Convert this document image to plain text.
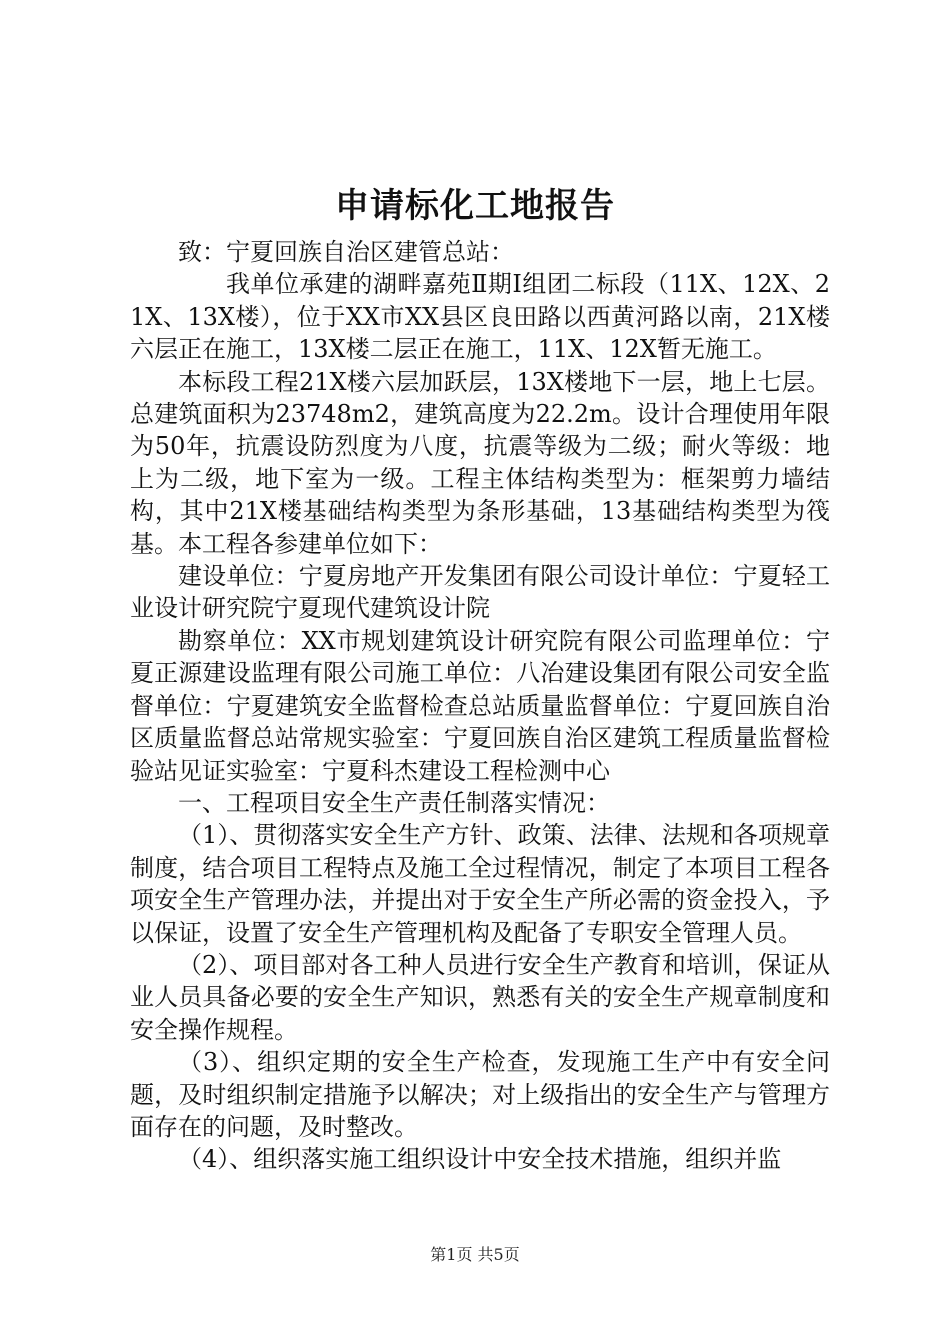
申请标化工地报告

致：宁夏回族自治区建管总站：

我单位承建的湖畔嘉苑Ⅱ期Ⅰ组团二标段（11X、12X、21X、13X楼），位于XX市XX县区良田路以西黄河路以南，21X楼六层正在施工，13X楼二层正在施工，11X、12X暂无施工。

本标段工程21X楼六层加跃层，13X楼地下一层，地上七层。总建筑面积为23748m2，建筑高度为22.2m。设计合理使用年限为50年，抗震设防烈度为八度，抗震等级为二级；耐火等级：地上为二级，地下室为一级。工程主体结构类型为：框架剪力墙结构，其中21X楼基础结构类型为条形基础，13基础结构类型为筏基。本工程各参建单位如下：

建设单位：宁夏房地产开发集团有限公司设计单位：宁夏轻工业设计研究院宁夏现代建筑设计院

勘察单位：XX市规划建筑设计研究院有限公司监理单位：宁夏正源建设监理有限公司施工单位：八冶建设集团有限公司安全监督单位：宁夏建筑安全监督检查总站质量监督单位：宁夏回族自治区质量监督总站常规实验室：宁夏回族自治区建筑工程质量监督检验站见证实验室：宁夏科杰建设工程检测中心

一、工程项目安全生产责任制落实情况：

（1）、贯彻落实安全生产方针、政策、法律、法规和各项规章制度，结合项目工程特点及施工全过程情况，制定了本项目工程各项安全生产管理办法，并提出对于安全生产所必需的资金投入，予以保证，设置了安全生产管理机构及配备了专职安全管理人员。

（2）、项目部对各工种人员进行安全生产教育和培训，保证从业人员具备必要的安全生产知识，熟悉有关的安全生产规章制度和安全操作规程。

（3）、组织定期的安全生产检查，发现施工生产中有安全问题，及时组织制定措施予以解决；对上级指出的安全生产与管理方面存在的问题，及时整改。

（4）、组织落实施工组织设计中安全技术措施，组织并监

第1页 共5页
